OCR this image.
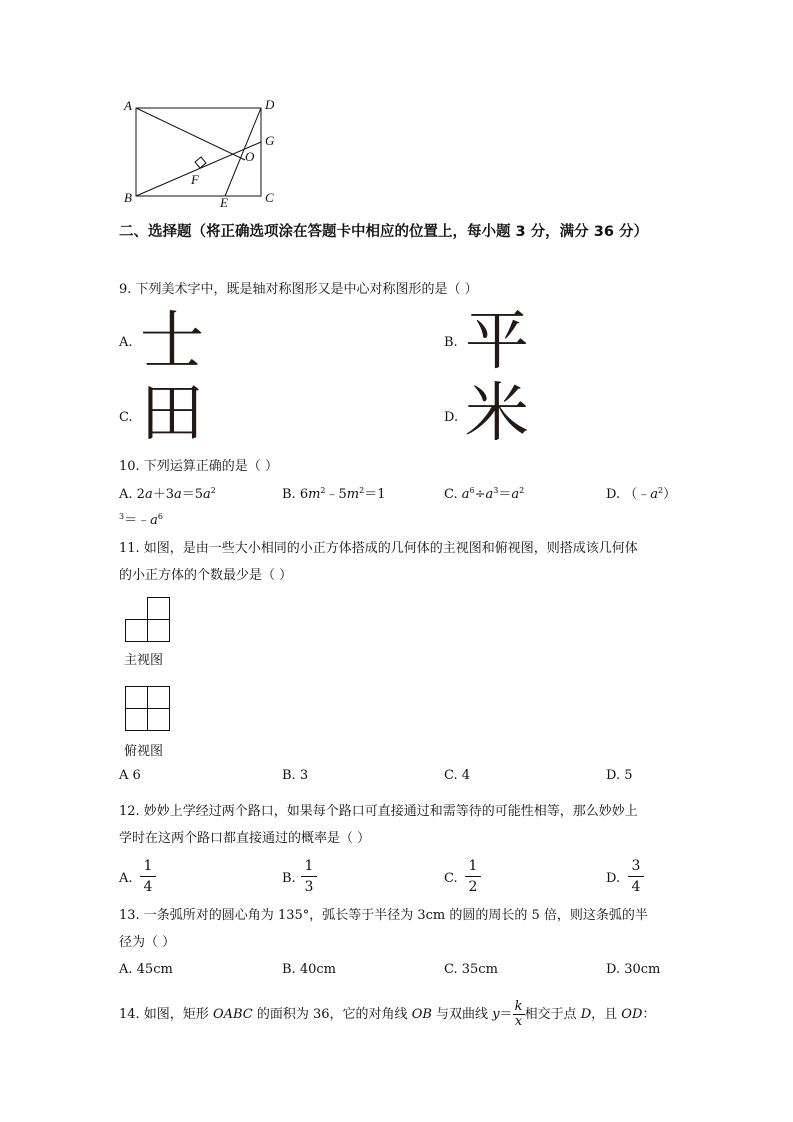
A	D
G
O
F
B	E	C
二、选择题（将正确选项涂在答题卡中相应的位置上，每小题 3 分，满分 36 分）
9. 下列美术字中，既是轴对称图形又是中心对称图形的是（ ）
A. 士	B. 平
C. 田	D. 米
10. 下列运算正确的是（ ）
A. $2a+3a=5a^2$	B. $6m^2﹣5m^2=1$	C. $a^6\div a^3=a^2$	D. $(﹣a^2)$
$^3=﹣a^6$
11. 如图，是由一些大小相同的小正方体搭成的几何体的主视图和俯视图，则搭成该几何体
的小正方体的个数最少是（ ）
主视图
俯视图
A 6	B. 3	C. 4	D. 5
12. 妙妙上学经过两个路口，如果每个路口可直接通过和需等待的可能性相等，那么妙妙上
学时在这两个路口都直接通过的概率是（ ）
A.
1
4
B.
1
3
C.
1
2
D.
3
4
13. 一条弧所对的圆心角为 135°，弧长等于半径为 3cm 的圆的周长的 5 倍，则这条弧的半
径为（ ）
A. 45cm	B. 40cm	C. 35cm	D. 30cm
14. 如图，矩形 OABC 的面积为 36，它的对角线 OB 与双曲线 $y= \frac{k}{x}$ 相交于点 D，且 OD：
